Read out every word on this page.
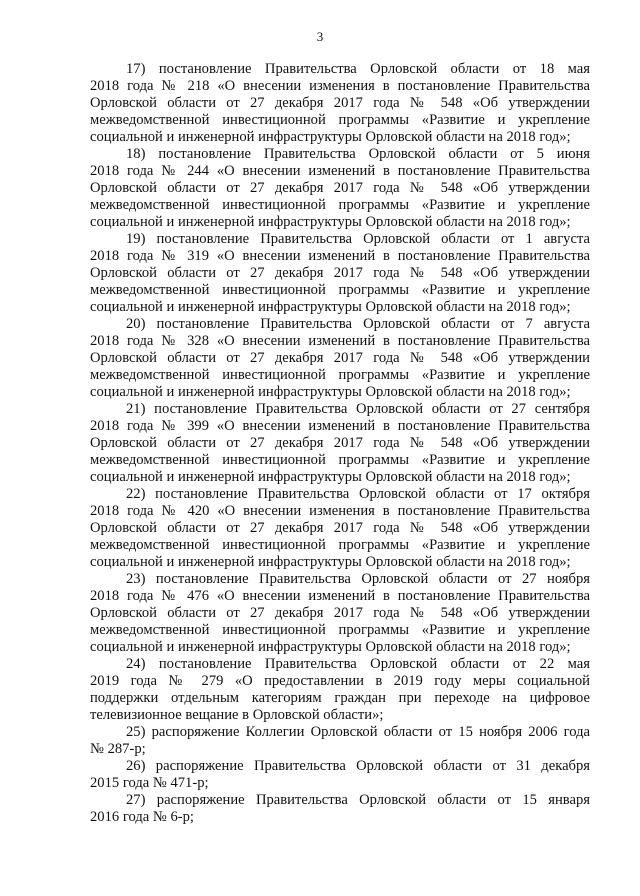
3
17) постановление Правительства Орловской области от 18 мая
2018 года № 218 «О внесении изменения в постановление Правительства
Орловской области от 27 декабря 2017 года № 548 «Об утверждении
межведомственной инвестиционной программы «Развитие и укрепление
социальной и инженерной инфраструктуры Орловской области на 2018 год»;
18) постановление Правительства Орловской области от 5 июня
2018 года № 244 «О внесении изменений в постановление Правительства
Орловской области от 27 декабря 2017 года № 548 «Об утверждении
межведомственной инвестиционной программы «Развитие и укрепление
социальной и инженерной инфраструктуры Орловской области на 2018 год»;
19) постановление Правительства Орловской области от 1 августа
2018 года № 319 «О внесении изменений в постановление Правительства
Орловской области от 27 декабря 2017 года № 548 «Об утверждении
межведомственной инвестиционной программы «Развитие и укрепление
социальной и инженерной инфраструктуры Орловской области на 2018 год»;
20) постановление Правительства Орловской области от 7 августа
2018 года № 328 «О внесении изменений в постановление Правительства
Орловской области от 27 декабря 2017 года № 548 «Об утверждении
межведомственной инвестиционной программы «Развитие и укрепление
социальной и инженерной инфраструктуры Орловской области на 2018 год»;
21) постановление Правительства Орловской области от 27 сентября
2018 года № 399 «О внесении изменений в постановление Правительства
Орловской области от 27 декабря 2017 года № 548 «Об утверждении
межведомственной инвестиционной программы «Развитие и укрепление
социальной и инженерной инфраструктуры Орловской области на 2018 год»;
22) постановление Правительства Орловской области от 17 октября
2018 года № 420 «О внесении изменения в постановление Правительства
Орловской области от 27 декабря 2017 года № 548 «Об утверждении
межведомственной инвестиционной программы «Развитие и укрепление
социальной и инженерной инфраструктуры Орловской области на 2018 год»;
23) постановление Правительства Орловской области от 27 ноября
2018 года № 476 «О внесении изменений в постановление Правительства
Орловской области от 27 декабря 2017 года № 548 «Об утверждении
межведомственной инвестиционной программы «Развитие и укрепление
социальной и инженерной инфраструктуры Орловской области на 2018 год»;
24) постановление Правительства Орловской области от 22 мая
2019 года № 279 «О предоставлении в 2019 году меры социальной
поддержки отдельным категориям граждан при переходе на цифровое
телевизионное вещание в Орловской области»;
25) распоряжение Коллегии Орловской области от 15 ноября 2006 года
№ 287-р;
26) распоряжение Правительства Орловской области от 31 декабря
2015 года № 471-р;
27) распоряжение Правительства Орловской области от 15 января
2016 года № 6-р;
